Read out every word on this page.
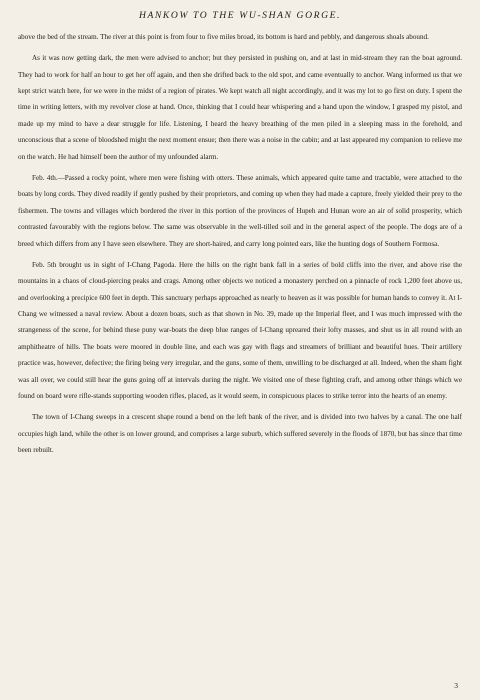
HANKOW TO THE WU-SHAN GORGE.

above the bed of the stream. The river at this point is from four to five miles broad, its bottom is hard and pebbly, and dangerous shoals abound.

As it was now getting dark, the men were advised to anchor; but they persisted in pushing on, and at last in mid-stream they ran the boat aground. They had to work for half an hour to get her off again, and then she drifted back to the old spot, and came eventually to anchor. Wang informed us that we kept strict watch here, for we were in the midst of a region of pirates. We kept watch all night accordingly, and it was my lot to go first on duty. I spent the time in writing letters, with my revolver close at hand. Once, thinking that I could hear whispering and a hand upon the window, I grasped my pistol, and made up my mind to have a dear struggle for life. Listening, I heard the heavy breathing of the men piled in a sleeping mass in the forehold, and unconscious that a scene of bloodshed might the next moment ensue; then there was a noise in the cabin; and at last appeared my companion to relieve me on the watch. He had himself been the author of my unfounded alarm.

Feb. 4th.—Passed a rocky point, where men were fishing with otters. These animals, which appeared quite tame and tractable, were attached to the boats by long cords. They dived readily if gently pushed by their proprietors, and coming up when they had made a capture, freely yielded their prey to the fishermen. The towns and villages which bordered the river in this portion of the provinces of Hupeh and Hunan wore an air of solid prosperity, which contrasted favourably with the regions below. The same was observable in the well-tilled soil and in the general aspect of the people. The dogs are of a breed which differs from any I have seen elsewhere. They are short-haired, and carry long pointed ears, like the hunting dogs of Southern Formosa.

Feb. 5th brought us in sight of I-Chang Pagoda. Here the hills on the right bank fall in a series of bold cliffs into the river, and above rise the mountains in a chaos of cloud-piercing peaks and crags. Among other objects we noticed a monastery perched on a pinnacle of rock 1,200 feet above us, and overlooking a precipice 600 feet in depth. This sanctuary perhaps approached as nearly to heaven as it was possible for human hands to convey it. At I-Chang we witnessed a naval review. About a dozen boats, such as that shown in No. 39, made up the Imperial fleet, and I was much impressed with the strangeness of the scene, for behind these puny war-boats the deep blue ranges of I-Chang upreared their lofty masses, and shut us in all round with an amphitheatre of hills. The boats were moored in double line, and each was gay with flags and streamers of brilliant and beautiful hues. Their artillery practice was, however, defective; the firing being very irregular, and the guns, some of them, unwilling to be discharged at all. Indeed, when the sham fight was all over, we could still hear the guns going off at intervals during the night. We visited one of these fighting craft, and among other things which we found on board were rifle-stands supporting wooden rifles, placed, as it would seem, in conspicuous places to strike terror into the hearts of an enemy.

The town of I-Chang sweeps in a crescent shape round a bend on the left bank of the river, and is divided into two halves by a canal. The one half occupies high land, while the other is on lower ground, and comprises a large suburb, which suffered severely in the floods of 1870, but has since that time been rebuilt.

3
